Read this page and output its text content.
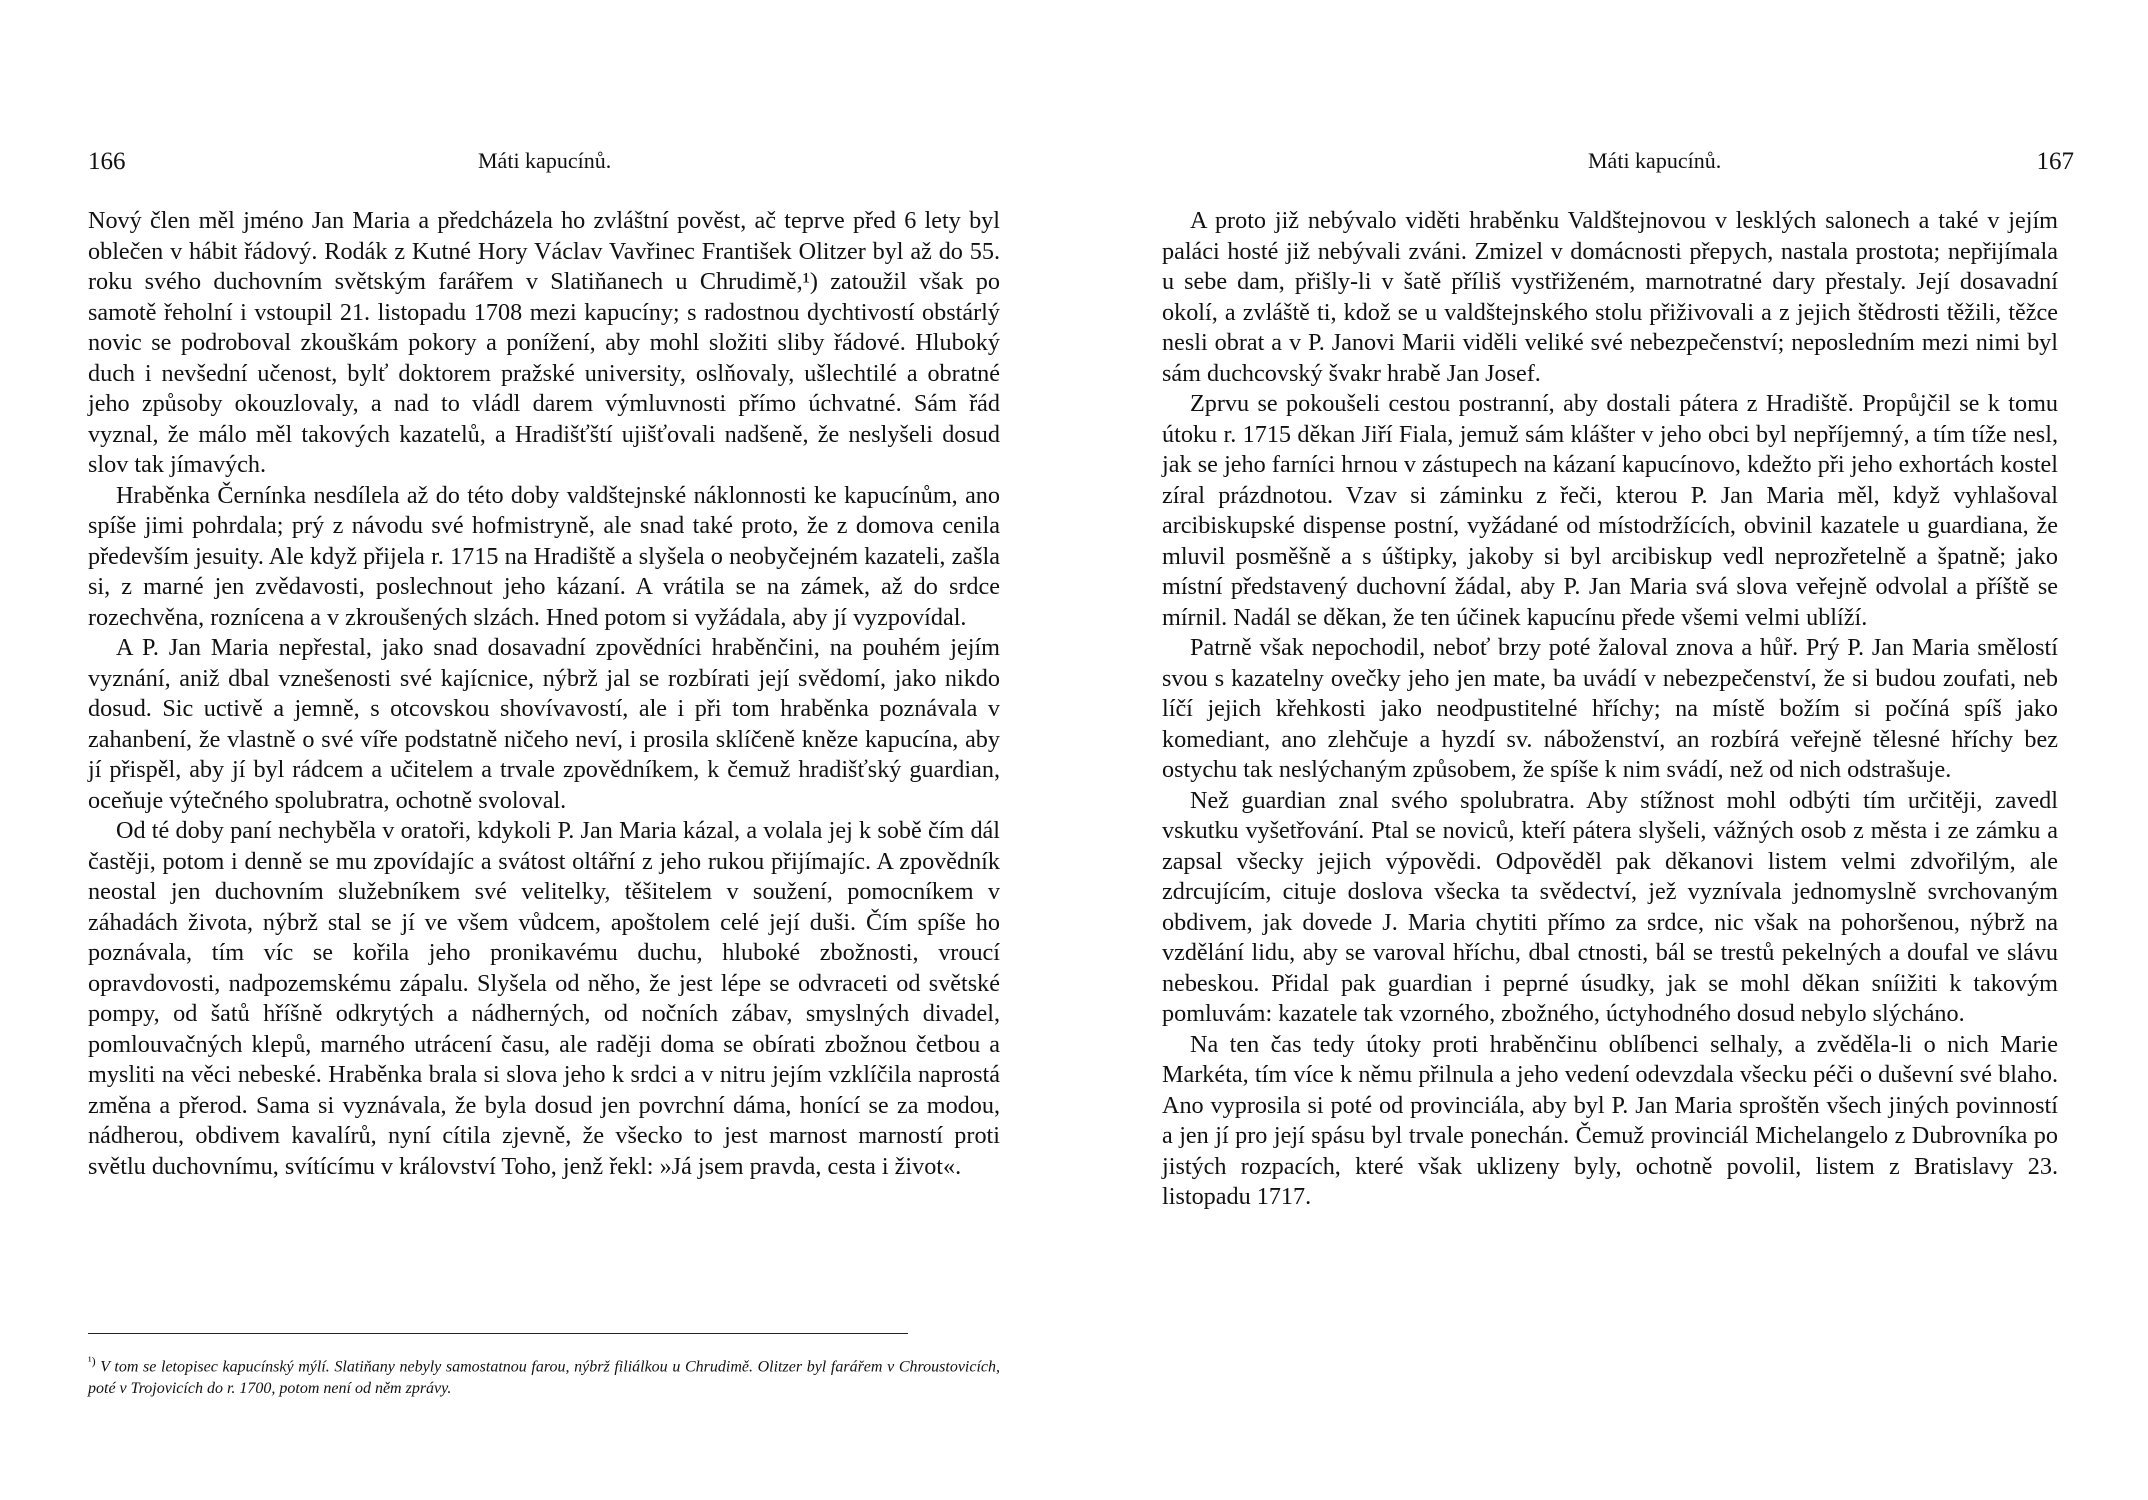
166	Máti kapucínů.

Nový člen měl jméno Jan Maria a předcházela ho zvláštní pověst, ač teprve před 6 lety byl oblečen v hábit řádový. Rodák z Kutné Hory Václav Vavřinec František Olitzer byl až do 55. roku svého duchovním světským farářem v Slatiňanech u Chrudimě,¹) zatoužil však po samotě řeholní i vstoupil 21. listopadu 1708 mezi kapucíny; s radostnou dychtivostí obstárlý novic se podroboval zkouškám pokory a ponížení, aby mohl složiti sliby řádové. Hluboký duch i nevšední učenost, bylť doktorem pražské university, oslňovaly, ušlechtilé a obratné jeho způsoby okouzlovaly, a nad to vládl darem výmluvnosti přímo úchvatné. Sám řád vyznal, že málo měl takových kazatelů, a Hradišťští ujišťovali nadšeně, že neslyšeli dosud slov tak jímavých.

Hraběnka Černínka nesdílela až do této doby valdštejnské náklonnosti ke kapucínům, ano spíše jimi pohrdala; prý z návodu své hofmistryně, ale snad také proto, že z domova cenila především jesuity. Ale když přijela r. 1715 na Hradiště a slyšela o neobyčejném kazateli, zašla si, z marné jen zvědavosti, poslechnout jeho kázaní. A vrátila se na zámek, až do srdce rozechvěna, roznícena a v zkroušených slzách. Hned potom si vyžádala, aby jí vyzpovídal.

A P. Jan Maria nepřestal, jako snad dosavadní zpovědníci hraběnčini, na pouhém jejím vyznání, aniž dbal vznešenosti své kajícnice, nýbrž jal se rozbírati její svědomí, jako nikdo dosud. Sic uctivě a jemně, s otcovskou shovívavostí, ale i při tom hraběnka poznávala v zahanbení, že vlastně o své víře podstatně ničeho neví, i prosila sklíčeně kněze kapucína, aby jí přispěl, aby jí byl rádcem a učitelem a trvale zpovědníkem, k čemuž hradišťský guardian, oceňuje výtečného spolubratra, ochotně svoloval.

Od té doby paní nechyběla v oratoři, kdykoli P. Jan Maria kázal, a volala jej k sobě čím dál častěji, potom i denně se mu zpovídajíc a svátost oltářní z jeho rukou přijímajíc. A zpovědník neostal jen duchovním služebníkem své velitelky, těšitelem v soužení, pomocníkem v záhadách života, nýbrž stal se jí ve všem vůdcem, apoštolem celé její duši. Čím spíše ho poznávala, tím víc se kořila jeho pronikavému duchu, hluboké zbožnosti, vroucí opravdovosti, nadpozemskému zápalu. Slyšela od něho, že jest lépe se odvraceti od světské pompy, od šatů hříšně odkrytých a nádherných, od nočních zábav, smyslných divadel, pomlouvačných klepů, marného utrácení času, ale raději doma se obírati zbožnou četbou a mysliti na věci nebeské. Hraběnka brala si slova jeho k srdci a v nitru jejím vzklíčila naprostá změna a přerod. Sama si vyznávala, že byla dosud jen povrchní dáma, honící se za modou, nádherou, obdivem kavalírů, nyní cítila zjevně, že všecko to jest marnost marností proti světlu duchovnímu, svítícímu v království Toho, jenž řekl: »Já jsem pravda, cesta i život«.

$^{^1)}$ V tom se letopisec kapucínský mýlí. Slatiňany nebyly samostatnou farou, nýbrž filiálkou u Chrudimě. Olitzer byl farářem v Chroustovicích, poté v Trojovicích do r. 1700, potom není od něm zprávy.
Máti kapucínů.	167

A proto již nebývalo viděti hraběnku Valdštejnovou v lesklých salonech a také v jejím paláci hosté již nebývali zváni. Zmizel v domácnosti přepych, nastala prostota; nepřijímala u sebe dam, přišly-li v šatě příliš vystřiženém, marnotratné dary přestaly. Její dosavadní okolí, a zvláště ti, kdož se u valdštejnského stolu přiživovali a z jejich štědrosti těžili, těžce nesli obrat a v P. Janovi Marii viděli veliké své nebezpečenství; neposledním mezi nimi byl sám duchcovský švakr hrabě Jan Josef.

Zprvu se pokoušeli cestou postranní, aby dostali pátera z Hradiště. Propůjčil se k tomu útoku r. 1715 děkan Jiří Fiala, jemuž sám klášter v jeho obci byl nepříjemný, a tím tíže nesl, jak se jeho farníci hrnou v zástupech na kázaní kapucínovo, kdežto při jeho exhortách kostel zíral prázdnotou. Vzav si záminku z řeči, kterou P. Jan Maria měl, když vyhlašoval arcibiskupské dispense postní, vyžádané od místodržících, obvinil kazatele u guardiana, že mluvil posměšně a s úštipky, jakoby si byl arcibiskup vedl neprozřetelně a špatně; jako místní představený duchovní žádal, aby P. Jan Maria svá slova veřejně odvolal a příště se mírnil. Nadál se děkan, že ten účinek kapucínu přede všemi velmi ublíží.

Patrně však nepochodil, neboť brzy poté žaloval znova a hůř. Prý P. Jan Maria smělostí svou s kazatelny ovečky jeho jen mate, ba uvádí v nebezpečenství, že si budou zoufati, neb líčí jejich křehkosti jako neodpustitelné hříchy; na místě božím si počíná spíš jako komediant, ano zlehčuje a hyzdí sv. náboženství, an rozbírá veřejně tělesné hříchy bez ostychu tak neslýchaným způsobem, že spíše k nim svádí, než od nich odstrašuje.

Než guardian znal svého spolubratra. Aby stížnost mohl odbýti tím určitěji, zavedl vskutku vyšetřování. Ptal se noviců, kteří pátera slyšeli, vážných osob z města i ze zámku a zapsal všecky jejich výpovědi. Odpověděl pak děkanovi listem velmi zdvořilým, ale zdrcujícím, cituje doslova všecka ta svědectví, jež vyznívala jednomyslně svrchovaným obdivem, jak dovede J. Maria chytiti přímo za srdce, nic však na pohoršenou, nýbrž na vzdělání lidu, aby se varoval hříchu, dbal ctnosti, bál se trestů pekelných a doufal ve slávu nebeskou. Přidal pak guardian i peprné úsudky, jak se mohl děkan sníižiti k takovým pomluvám: kazatele tak vzorného, zbožného, úctyhodného dosud nebylo slýcháno.

Na ten čas tedy útoky proti hraběnčinu oblíbenci selhaly, a zvěděla-li o nich Marie Markéta, tím více k němu přilnula a jeho vedení odevzdala všecku péči o duševní své blaho. Ano vyprosila si poté od provinciála, aby byl P. Jan Maria sproštěn všech jiných povinností a jen jí pro její spásu byl trvale ponechán. Čemuž provinciál Michelangelo z Dubrovníka po jistých rozpacích, které však uklizeny byly, ochotně povolil, listem z Bratislavy 23. listopadu 1717.
